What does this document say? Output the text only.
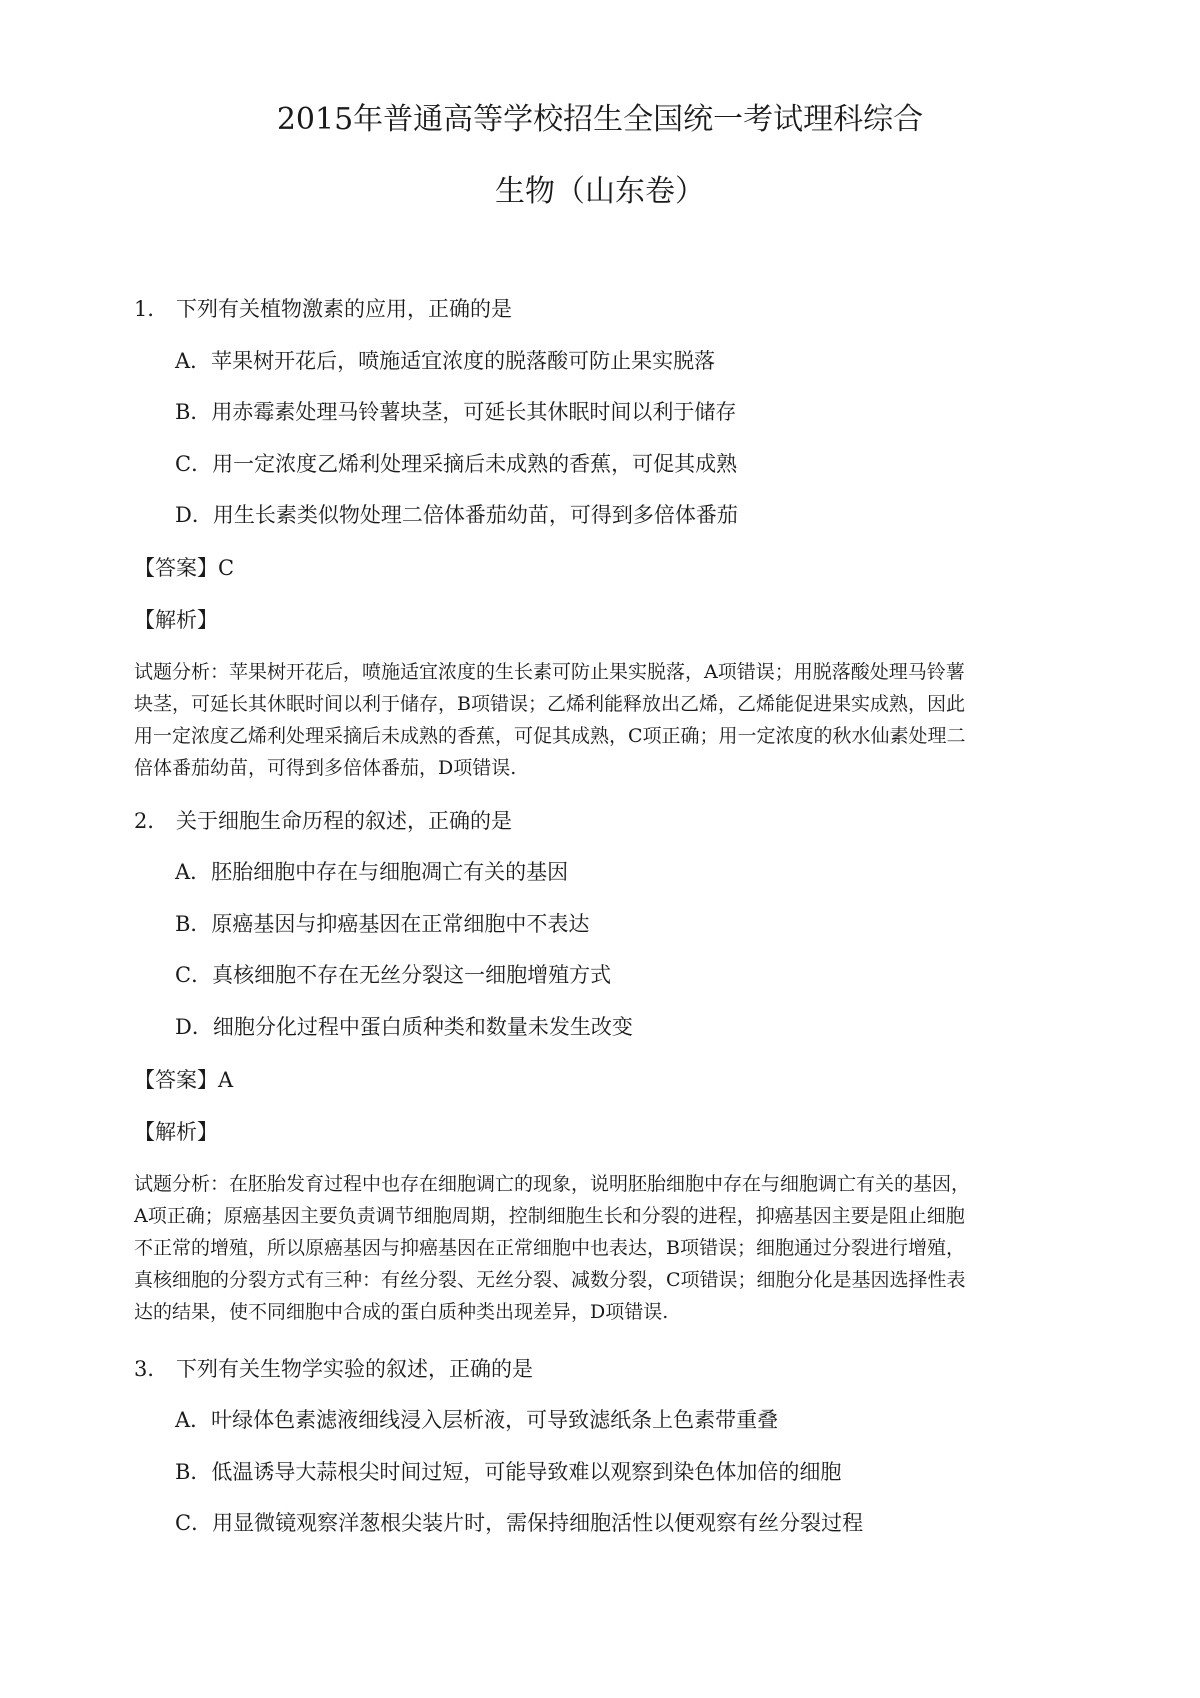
2015年普通高等学校招生全国统一考试理科综合
生物（山东卷）
1． 下列有关植物激素的应用，正确的是
A．苹果树开花后，喷施适宜浓度的脱落酸可防止果实脱落
B．用赤霉素处理马铃薯块茎，可延长其休眠时间以利于储存
C．用一定浓度乙烯利处理采摘后未成熟的香蕉，可促其成熟
D．用生长素类似物处理二倍体番茄幼苗，可得到多倍体番茄
【答案】C
【解析】
试题分析：苹果树开花后，喷施适宜浓度的生长素可防止果实脱落，A项错误；用脱落酸处理马铃薯
块茎，可延长其休眠时间以利于储存，B项错误；乙烯利能释放出乙烯，乙烯能促进果实成熟，因此
用一定浓度乙烯利处理采摘后未成熟的香蕉，可促其成熟，C项正确；用一定浓度的秋水仙素处理二
倍体番茄幼苗，可得到多倍体番茄，D项错误.
2． 关于细胞生命历程的叙述，正确的是
A．胚胎细胞中存在与细胞凋亡有关的基因
B．原癌基因与抑癌基因在正常细胞中不表达
C．真核细胞不存在无丝分裂这一细胞增殖方式
D．细胞分化过程中蛋白质种类和数量未发生改变
【答案】A
【解析】
试题分析：在胚胎发育过程中也存在细胞调亡的现象，说明胚胎细胞中存在与细胞调亡有关的基因，
A项正确；原癌基因主要负责调节细胞周期，控制细胞生长和分裂的进程，抑癌基因主要是阻止细胞
不正常的增殖，所以原癌基因与抑癌基因在正常细胞中也表达，B项错误；细胞通过分裂进行增殖，
真核细胞的分裂方式有三种：有丝分裂、无丝分裂、减数分裂，C项错误；细胞分化是基因选择性表
达的结果，使不同细胞中合成的蛋白质种类出现差异，D项错误.
3． 下列有关生物学实验的叙述，正确的是
A．叶绿体色素滤液细线浸入层析液，可导致滤纸条上色素带重叠
B．低温诱导大蒜根尖时间过短，可能导致难以观察到染色体加倍的细胞
C．用显微镜观察洋葱根尖装片时，需保持细胞活性以便观察有丝分裂过程
